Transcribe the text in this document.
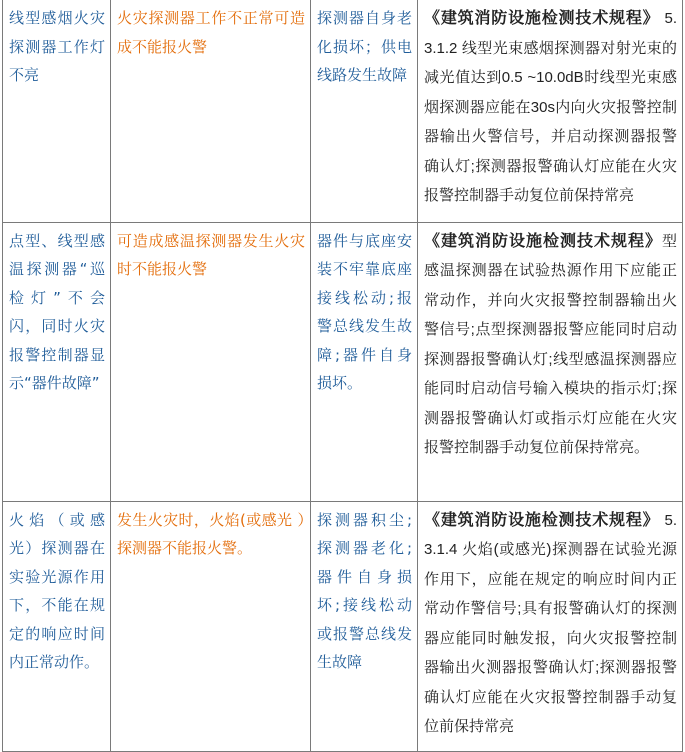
线型感烟火灾探测器工作灯不亮	火灾探测器工作不正常可造成不能报火警	探测器自身老化损坏；供电线路发生故障	《建筑消防设施检测技术规程》 5.3.1.2 线型光束感烟探测器对射光束的减光值达到0.5 ~10.0dB时线型光束感烟探测器应能在30s内向火灾报警控制器输出火警信号，并启动探测器报警确认灯;探测器报警确认灯应能在火灾报警控制器手动复位前保持常亮
点型、线型感温探测器“巡检灯”不会闪，同时火灾报警控制器显示“器件故障”	可造成感温探测器发生火灾时不能报火警	器件与底座安装不牢靠底座接线松动;报警总线发生故障;器件自身损坏。	《建筑消防设施检测技术规程》型感温探测器在试验热源作用下应能正常动作，并向火灾报警控制器输出火警信号;点型探测器报警应能同时启动探测器报警确认灯;线型感温探测器应能同时启动信号输入模块的指示灯;探测器报警确认灯或指示灯应能在火灾报警控制器手动复位前保持常亮。
火焰（或感光）探测器在实验光源作用下，不能在规定的响应时间内正常动作。	发生火灾时，火焰(或感光 ）探测器不能报火警。	探测器积尘;探测器老化;器件自身损坏;接线松动或报警总线发生故障	《建筑消防设施检测技术规程》 5.3.1.4 火焰(或感光)探测器在试验光源作用下，应能在规定的响应时间内正常动作警信号;具有报警确认灯的探测器应能同时触发报，向火灾报警控制器输出火测器报警确认灯;探测器报警确认灯应能在火灾报警控制器手动复位前保持常亮
